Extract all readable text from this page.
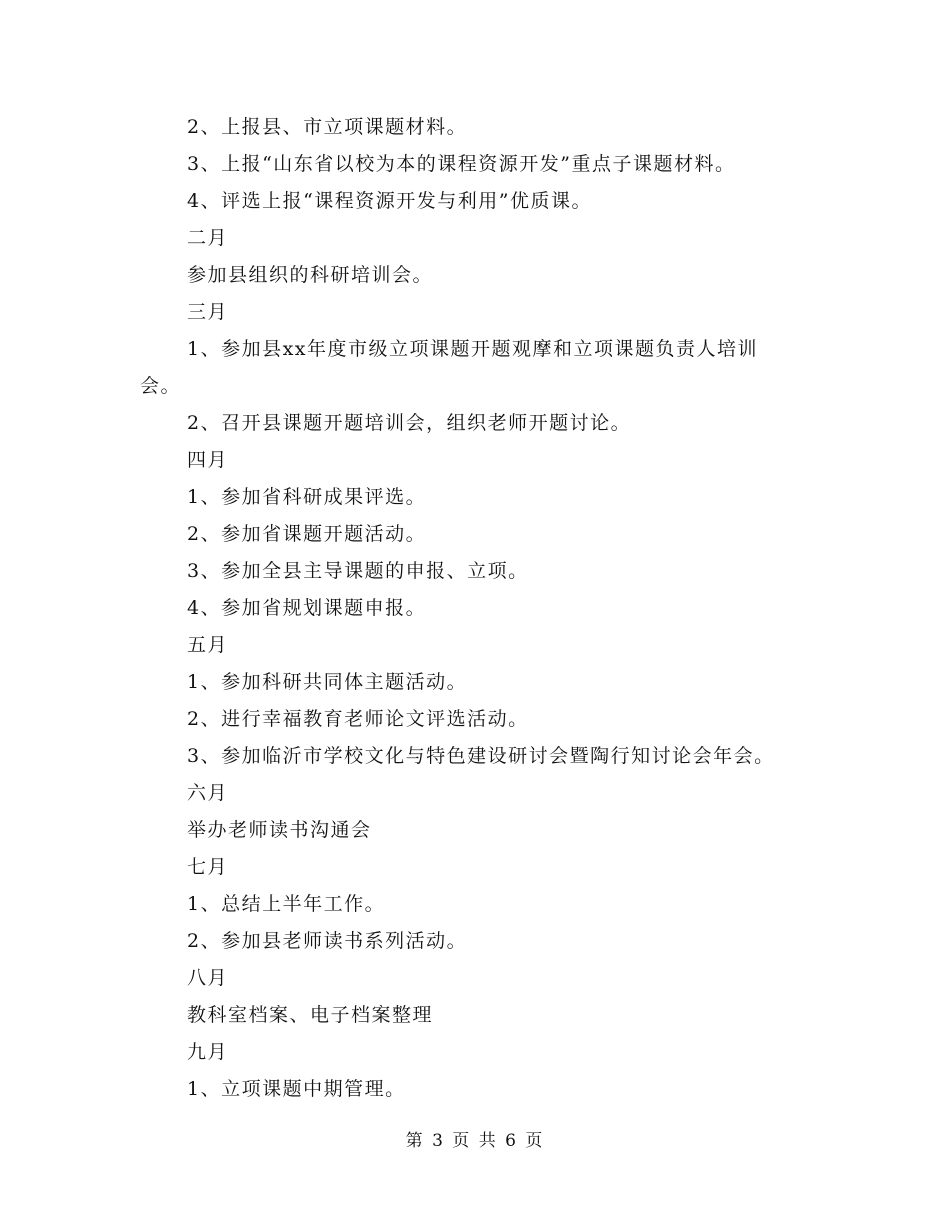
2、上报县、市立项课题材料。
3、上报“山东省以校为本的课程资源开发”重点子课题材料。
4、评选上报“课程资源开发与利用”优质课。
二月
参加县组织的科研培训会。
三月
1、参加县xx年度市级立项课题开题观摩和立项课题负责人培训
会。
2、召开县课题开题培训会，组织老师开题讨论。
四月
1、参加省科研成果评选。
2、参加省课题开题活动。
3、参加全县主导课题的申报、立项。
4、参加省规划课题申报。
五月
1、参加科研共同体主题活动。
2、进行幸福教育老师论文评选活动。
3、参加临沂市学校文化与特色建设研讨会暨陶行知讨论会年会。
六月
举办老师读书沟通会
七月
1、总结上半年工作。
2、参加县老师读书系列活动。
八月
教科室档案、电子档案整理
九月
1、立项课题中期管理。
第 3 页 共 6 页
